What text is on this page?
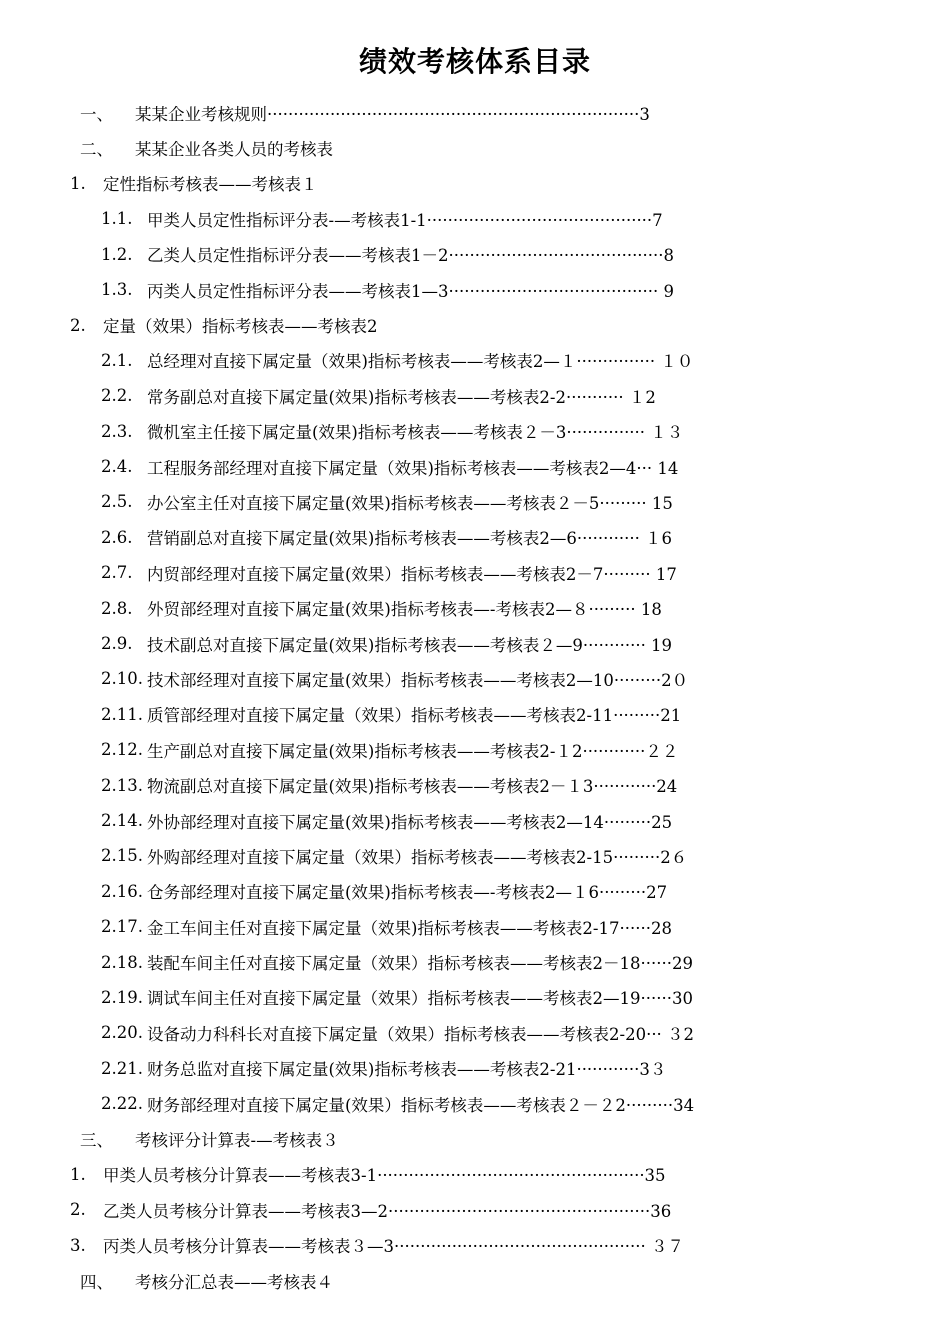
绩效考核体系目录
一、 某某企业考核规则·······································································3
二、 某某企业各类人员的考核表
1. 定性指标考核表——考核表１
1.1. 甲类人员定性指标评分表-—考核表1-1···········································7
1.2. 乙类人员定性指标评分表——考核表1－2·········································8
1.3. 丙类人员定性指标评分表——考核表1—3········································ 9
2. 定量（效果）指标考核表——考核表2
2.1. 总经理对直接下属定量（效果)指标考核表——考核表2—１··············· １０
2.2. 常务副总对直接下属定量(效果)指标考核表——考核表2-2··········· １2
2.3. 微机室主任接下属定量(效果)指标考核表——考核表２－3··············· １３
2.4. 工程服务部经理对直接下属定量（效果)指标考核表——考核表2—4··· 14
2.5. 办公室主任对直接下属定量(效果)指标考核表——考核表２－5········· 15
2.6. 营销副总对直接下属定量(效果)指标考核表——考核表2—6············ １6
2.7. 内贸部经理对直接下属定量(效果）指标考核表——考核表2－7········· 17
2.8. 外贸部经理对直接下属定量(效果)指标考核表—-考核表2—８········· 18
2.9. 技术副总对直接下属定量(效果)指标考核表——考核表２—9············ 19
2.10. 技术部经理对直接下属定量(效果）指标考核表——考核表2—10·········2０
2.11. 质管部经理对直接下属定量（效果）指标考核表——考核表2-11·········21
2.12. 生产副总对直接下属定量(效果)指标考核表——考核表2-１2············２２
2.13. 物流副总对直接下属定量(效果)指标考核表——考核表2－１3············24
2.14. 外协部经理对直接下属定量(效果)指标考核表——考核表2—14·········25
2.15. 外购部经理对直接下属定量（效果）指标考核表——考核表2-15·········2６
2.16. 仓务部经理对直接下属定量(效果)指标考核表—-考核表2—１6·········27
2.17. 金工车间主任对直接下属定量（效果)指标考核表——考核表2-17······28
2.18. 装配车间主任对直接下属定量（效果）指标考核表——考核表2－18······29
2.19. 调试车间主任对直接下属定量（效果）指标考核表——考核表2—19······30
2.20. 设备动力科科长对直接下属定量（效果）指标考核表——考核表2-20··· ３2
2.21. 财务总监对直接下属定量(效果)指标考核表——考核表2-21············3３
2.22. 财务部经理对直接下属定量(效果）指标考核表——考核表２－２2·········34
三、 考核评分计算表-—考核表３
1. 甲类人员考核分计算表——考核表3-1···················································35
2. 乙类人员考核分计算表——考核表3—2··················································36
3. 丙类人员考核分计算表——考核表３—3················································ ３７
四、 考核分汇总表——考核表４
